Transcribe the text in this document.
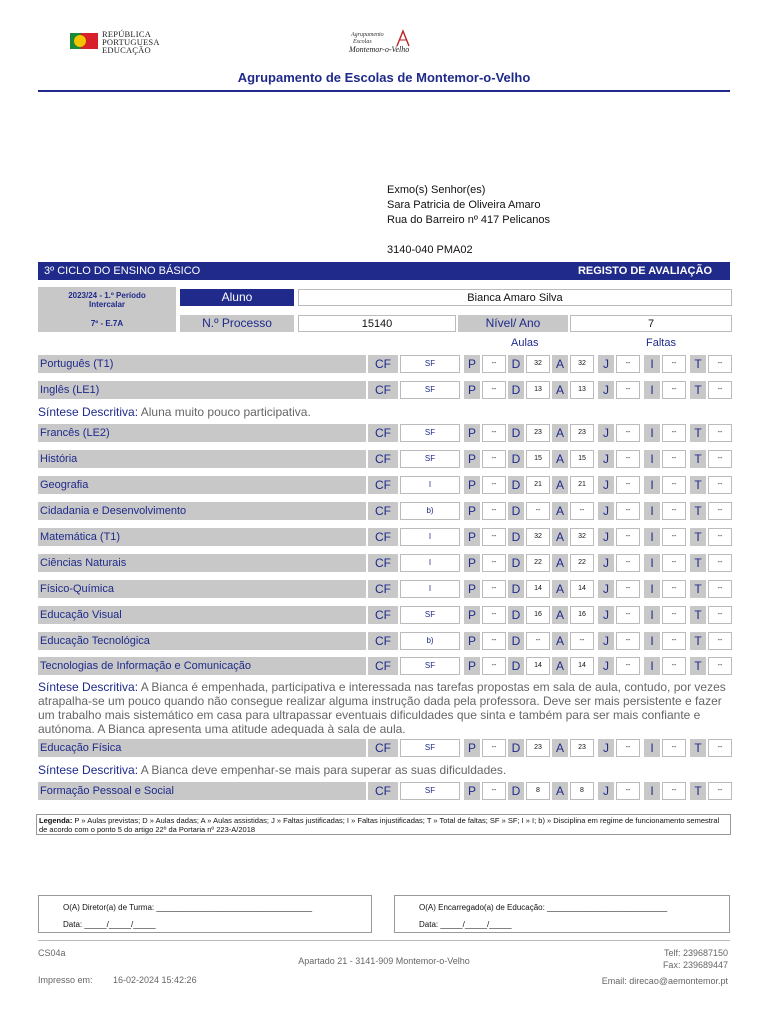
REPÚBLICA
PORTUGUESA
EDUCAÇÃO
Agrupamento
Escolas
Montemor-o-Velho
Agrupamento de Escolas de Montemor-o-Velho
Exmo(s) Senhor(es)
Sara Patricia de Oliveira Amaro
Rua do Barreiro nº 417 Pelicanos
3140-040 PMA02
3º CICLO DO ENSINO BÁSICO	REGISTO DE AVALIAÇÃO
2023/24 - 1.º Período
Intercalar
7º - E.7A
Aluno	Bianca Amaro Silva
N.º Processo	15140	Nível/ Ano	7
Aulas	Faltas
Português (T1)	CF	SF	P	--	D	32	A	32	J	--	I	--	T	--
Inglês (LE1)	CF	SF	P	--	D	13	A	13	J	--	I	--	T	--
Francês (LE2)	CF	SF	P	--	D	23	A	23	J	--	I	--	T	--
História	CF	SF	P	--	D	15	A	15	J	--	I	--	T	--
Geografia	CF	I	P	--	D	21	A	21	J	--	I	--	T	--
Cidadania e Desenvolvimento	CF	b)	P	--	D	--	A	--	J	--	I	--	T	--
Matemática (T1)	CF	I	P	--	D	32	A	32	J	--	I	--	T	--
Ciências Naturais	CF	I	P	--	D	22	A	22	J	--	I	--	T	--
Físico-Química	CF	I	P	--	D	14	A	14	J	--	I	--	T	--
Educação Visual	CF	SF	P	--	D	16	A	16	J	--	I	--	T	--
Educação Tecnológica	CF	b)	P	--	D	--	A	--	J	--	I	--	T	--
Tecnologias de Informação e Comunicação	CF	SF	P	--	D	14	A	14	J	--	I	--	T	--
Educação Física	CF	SF	P	--	D	23	A	23	J	--	I	--	T	--
Formação Pessoal e Social	CF	SF	P	--	D	8	A	8	J	--	I	--	T	--
Síntese Descritiva: Aluna muito pouco participativa.
Síntese Descritiva: A Bianca é empenhada, participativa e interessada nas tarefas propostas em sala de aula, contudo, por vezes atrapalha-se um pouco quando não consegue realizar alguma instrução dada pela professora. Deve ser mais persistente e fazer um trabalho mais sistemático em casa para ultrapassar eventuais dificuldades que sinta e também para ser mais confiante e autónoma. A Bianca apresenta uma atitude adequada à sala de aula.
Síntese Descritiva: A Bianca deve empenhar-se mais para superar as suas dificuldades.
Legenda: P » Aulas previstas; D » Aulas dadas; A » Aulas assistidas; J » Faltas justificadas; I » Faltas injustificadas; T » Total de faltas; SF » SF; I » I; b) » Disciplina em regime de funcionamento semestral de acordo com o ponto 5 do artigo 22º da Portaria nº 223-A/2018
O(A) Diretor(a) de Turma: ___________________________________
Data: _____/_____/_____
O(A) Encarregado(a) de Educação: ___________________________
Data: _____/_____/_____
CS04a
Impresso em: 16-02-2024 15:42:26
Apartado 21 - 3141-909 Montemor-o-Velho
Telf: 239687150
Fax: 239689447
Email: direcao@aemontemor.pt
